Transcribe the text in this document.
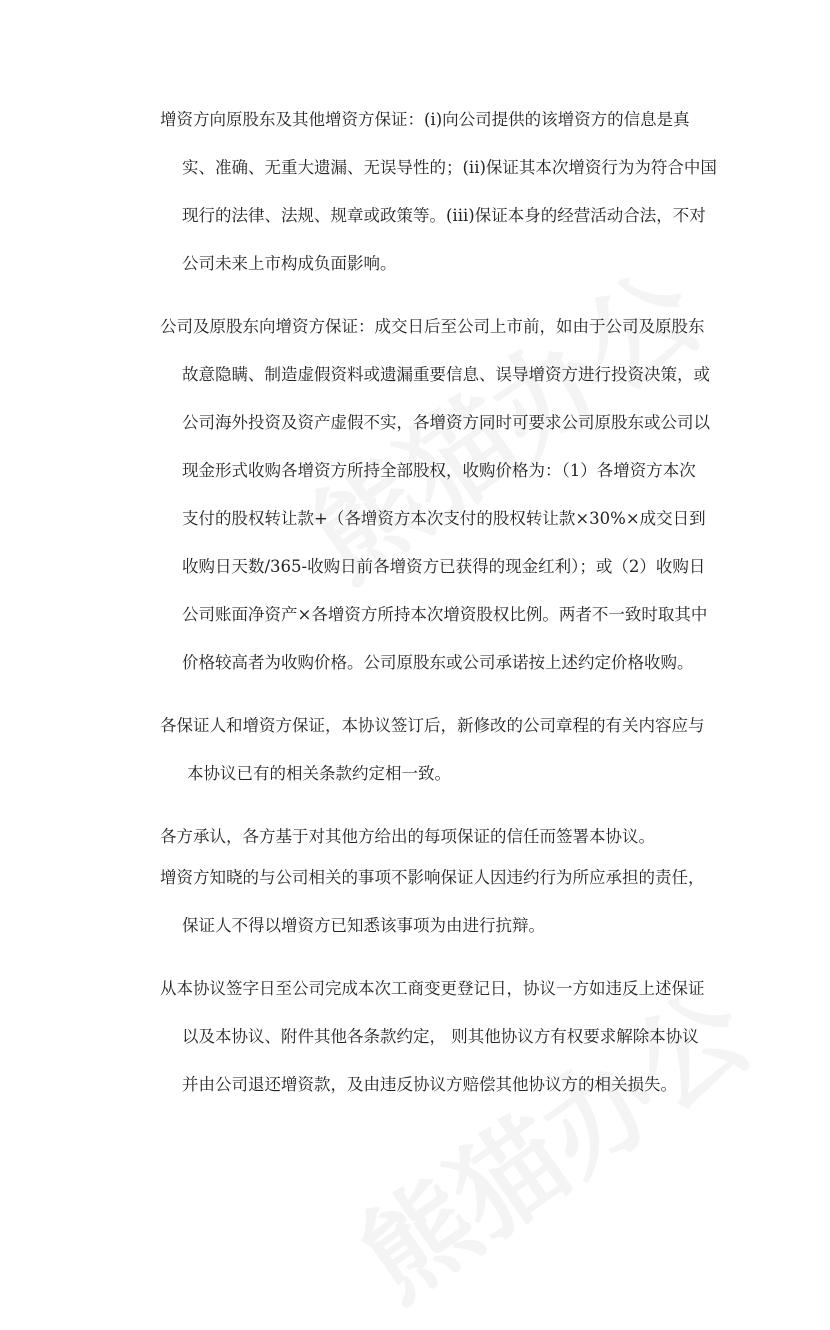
增资方向原股东及其他增资方保证：(i)向公司提供的该增资方的信息是真
实、准确、无重大遗漏、无误导性的；(ii)保证其本次增资行为为符合中国
现行的法律、法规、规章或政策等。(iii)保证本身的经营活动合法，不对
公司未来上市构成负面影响。
公司及原股东向增资方保证：成交日后至公司上市前，如由于公司及原股东
故意隐瞒、制造虚假资料或遗漏重要信息、误导增资方进行投资决策，或
公司海外投资及资产虚假不实，各增资方同时可要求公司原股东或公司以
现金形式收购各增资方所持全部股权，收购价格为：（1）各增资方本次
支付的股权转让款+（各增资方本次支付的股权转让款×30%×成交日到
收购日天数/365-收购日前各增资方已获得的现金红利）；或（2）收购日
公司账面净资产×各增资方所持本次增资股权比例。两者不一致时取其中
价格较高者为收购价格。公司原股东或公司承诺按上述约定价格收购。
各保证人和增资方保证，本协议签订后，新修改的公司章程的有关内容应与
本协议已有的相关条款约定相一致。
各方承认，各方基于对其他方给出的每项保证的信任而签署本协议。
增资方知晓的与公司相关的事项不影响保证人因违约行为所应承担的责任，
保证人不得以增资方已知悉该事项为由进行抗辩。
从本协议签字日至公司完成本次工商变更登记日，协议一方如违反上述保证
以及本协议、附件其他各条款约定， 则其他协议方有权要求解除本协议
并由公司退还增资款，及由违反协议方赔偿其他协议方的相关损失。
